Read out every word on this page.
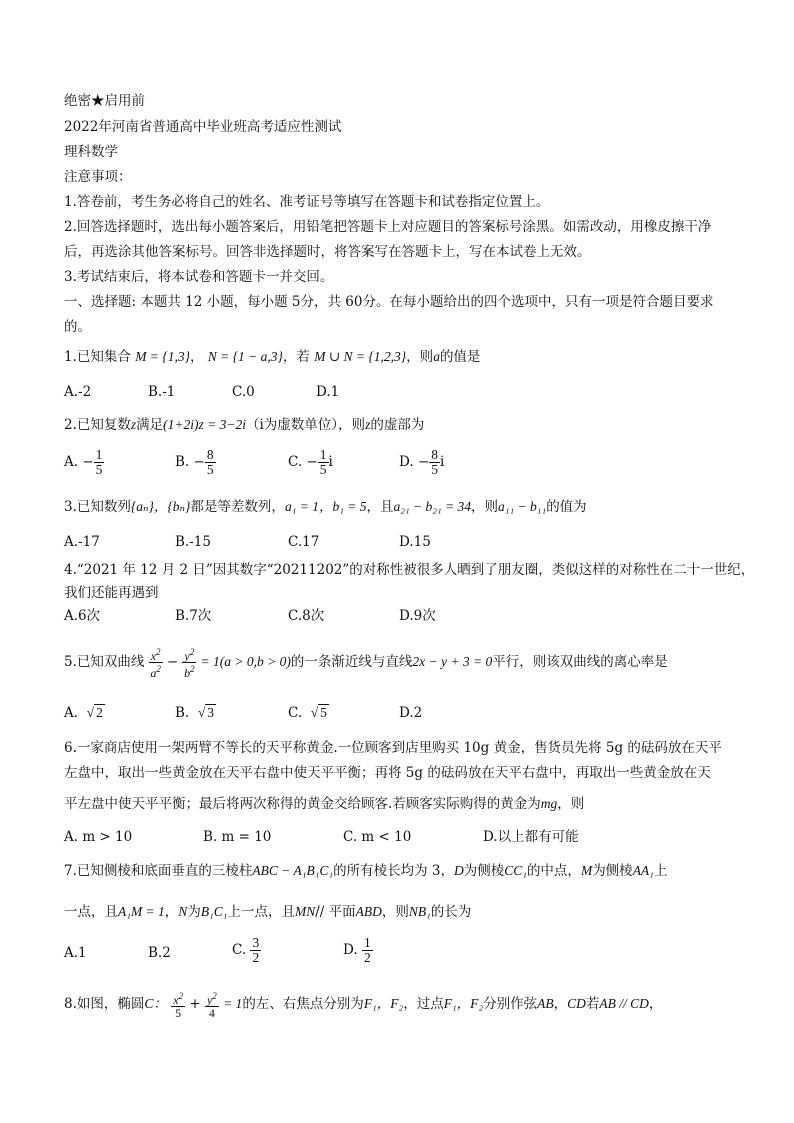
绝密★启用前
2022年河南省普通高中毕业班高考适应性测试
理科数学
注意事项：
1.答卷前，考生务必将自己的姓名、准考证号等填写在答题卡和试卷指定位置上。
2.回答选择题时，选出每小题答案后，用铅笔把答题卡上对应题目的答案标号涂黑。如需改动，用橡皮擦干净
后，再选涂其他答案标号。回答非选择题时，将答案写在答题卡上，写在本试卷上无效。
3.考试结束后，将本试卷和答题卡一并交回。
一、选择题: 本题共 12 小题，每小题 5分，共 60分。在每小题给出的四个选项中，只有一项是符合题目要求
的。
1.已知集合 M = {1,3}， N = {1 − a,3}，若 M ∪ N = {1,2,3}，则a的值是
A.-2	B.-1	C.0	D.1
2.已知复数z满足(1+2i)z = 3−2i（i为虚数单位），则z的虚部为
A. − $\frac{1}{5}$	B. − $\frac{8}{5}$	C. − $\frac{1}{5}$ i	D. − $\frac{8}{5}$ i
3.已知数列{aₙ}，{bₙ}都是等差数列，a₁ = 1，b₁ = 5，且a₂₁ − b₂₁ = 34，则a₁₁ − b₁₁的值为
A.-17	B.-15	C.17	D.15
4.“2021 年 12 月 2 日”因其数字“20211202”的对称性被很多人晒到了朋友圈，类似这样的对称性在二十一世纪，
我们还能再遇到
A.6次	B.7次	C.8次	D.9次
5.已知双曲线 $\frac{x^2}{a^2} - \frac{y^2}{b^2} = 1(a > 0,b > 0)$的一条渐近线与直线2x − y + 3 = 0平行，则该双曲线的离心率是
A. √ 2	B. √ 3	C. √ 5	D.2
6.一家商店使用一架两臂不等长的天平称黄金.一位顾客到店里购买 10g 黄金，售货员先将 5g 的砝码放在天平
左盘中，取出一些黄金放在天平右盘中使天平平衡；再将 5g 的砝码放在天平右盘中，再取出一些黄金放在天
平左盘中使天平平衡；最后将两次称得的黄金交给顾客.若顾客实际购得的黄金为mg，则
A. m > 10	B. m = 10	C. m < 10	D.以上都有可能
7.已知侧棱和底面垂直的三棱柱ABC − A₁B₁C₁的所有棱长均为 3，D为侧棱CC₁的中点，M为侧棱AA₁上
一点，且A₁M = 1，N为B₁C₁上一点，且MN// 平面ABD，则NB₁的长为
A.1	B.2	C. $\frac{3}{2}$	D. $\frac{1}{2}$
8.如图，椭圆C： $\frac{x^2}{5} + \frac{y^2}{4} = 1$的左、右焦点分别为F₁，F₂，过点F₁，F₂分别作弦AB，CD若AB // CD，
